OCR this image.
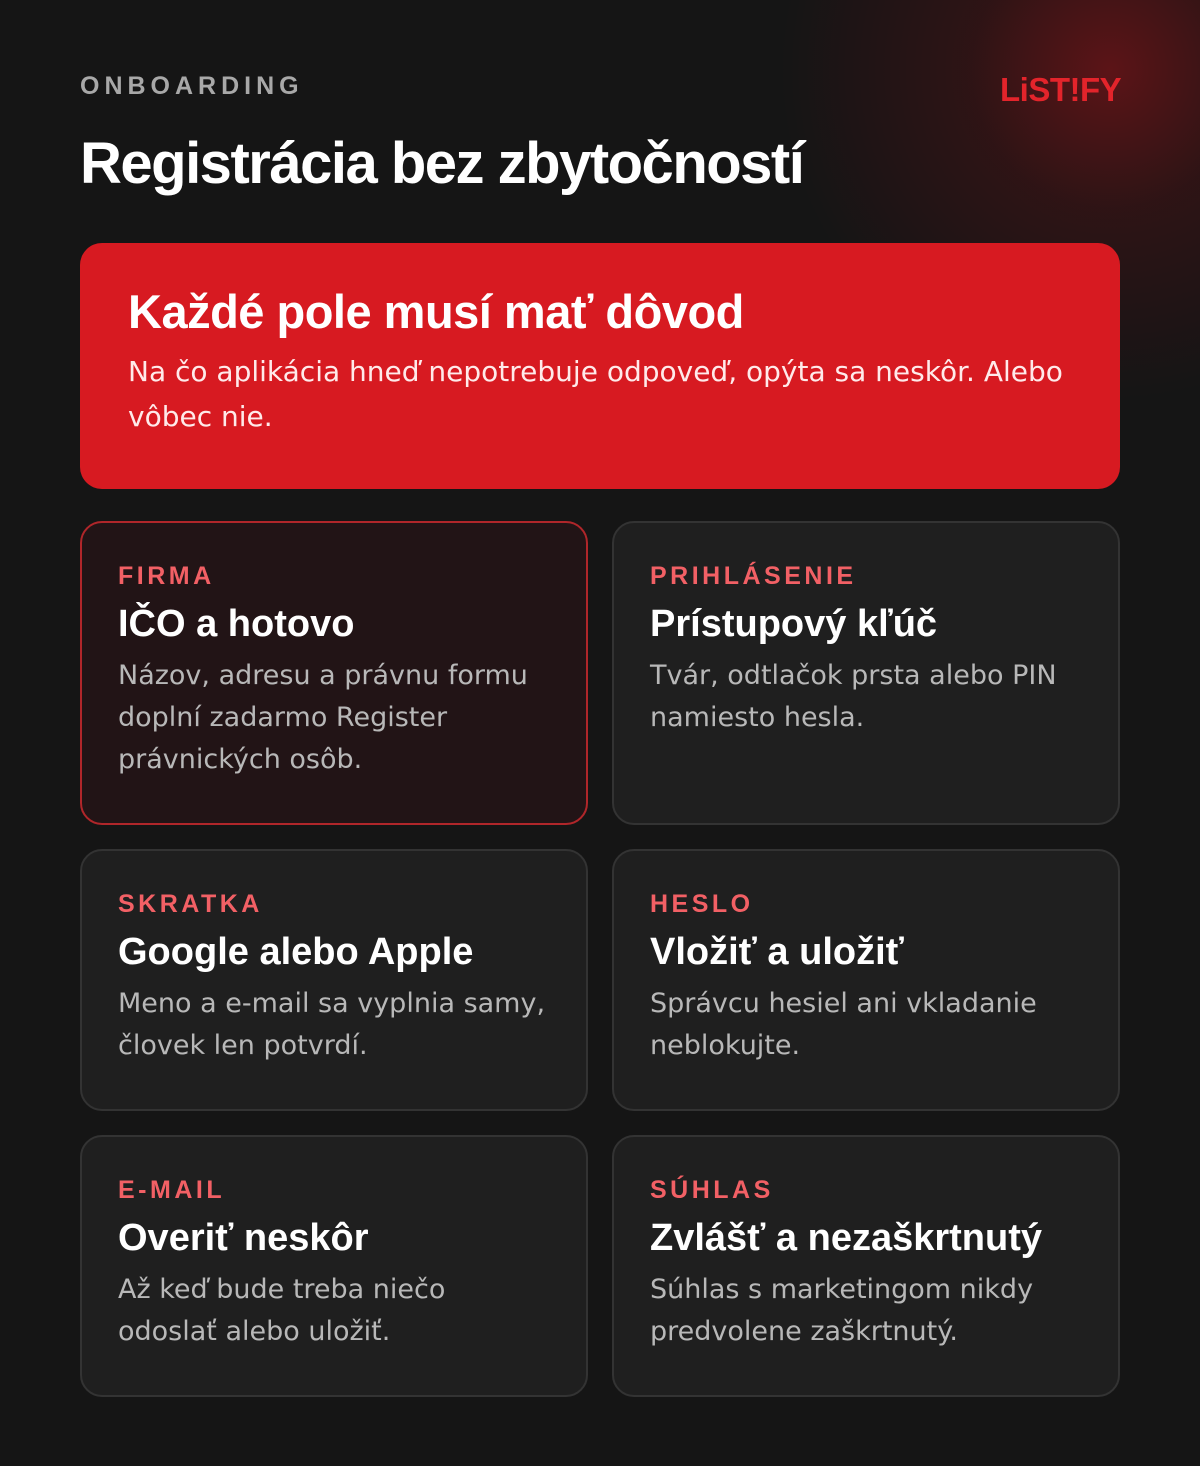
ONBOARDING	LiST!FY
Registrácia bez zbytočností
Každé pole musí mať dôvod

Na čo aplikácia hneď nepotrebuje odpoveď, opýta sa neskôr. Alebo vôbec nie.

FIRMA

IČO a hotovo

Názov, adresu a právnu formu doplní zadarmo Register právnických osôb.

PRIHLÁSENIE

Prístupový kľúč

Tvár, odtlačok prsta alebo PIN namiesto hesla.

SKRATKA

Google alebo Apple

Meno a e-mail sa vyplnia samy, človek len potvrdí.

HESLO

Vložiť a uložiť

Správcu hesiel ani vkladanie neblokujte.

E-MAIL

Overiť neskôr

Až keď bude treba niečo odoslať alebo uložiť.

SÚHLAS

Zvlášť a nezaškrtnutý

Súhlas s marketingom nikdy predvolene zaškrtnutý.
